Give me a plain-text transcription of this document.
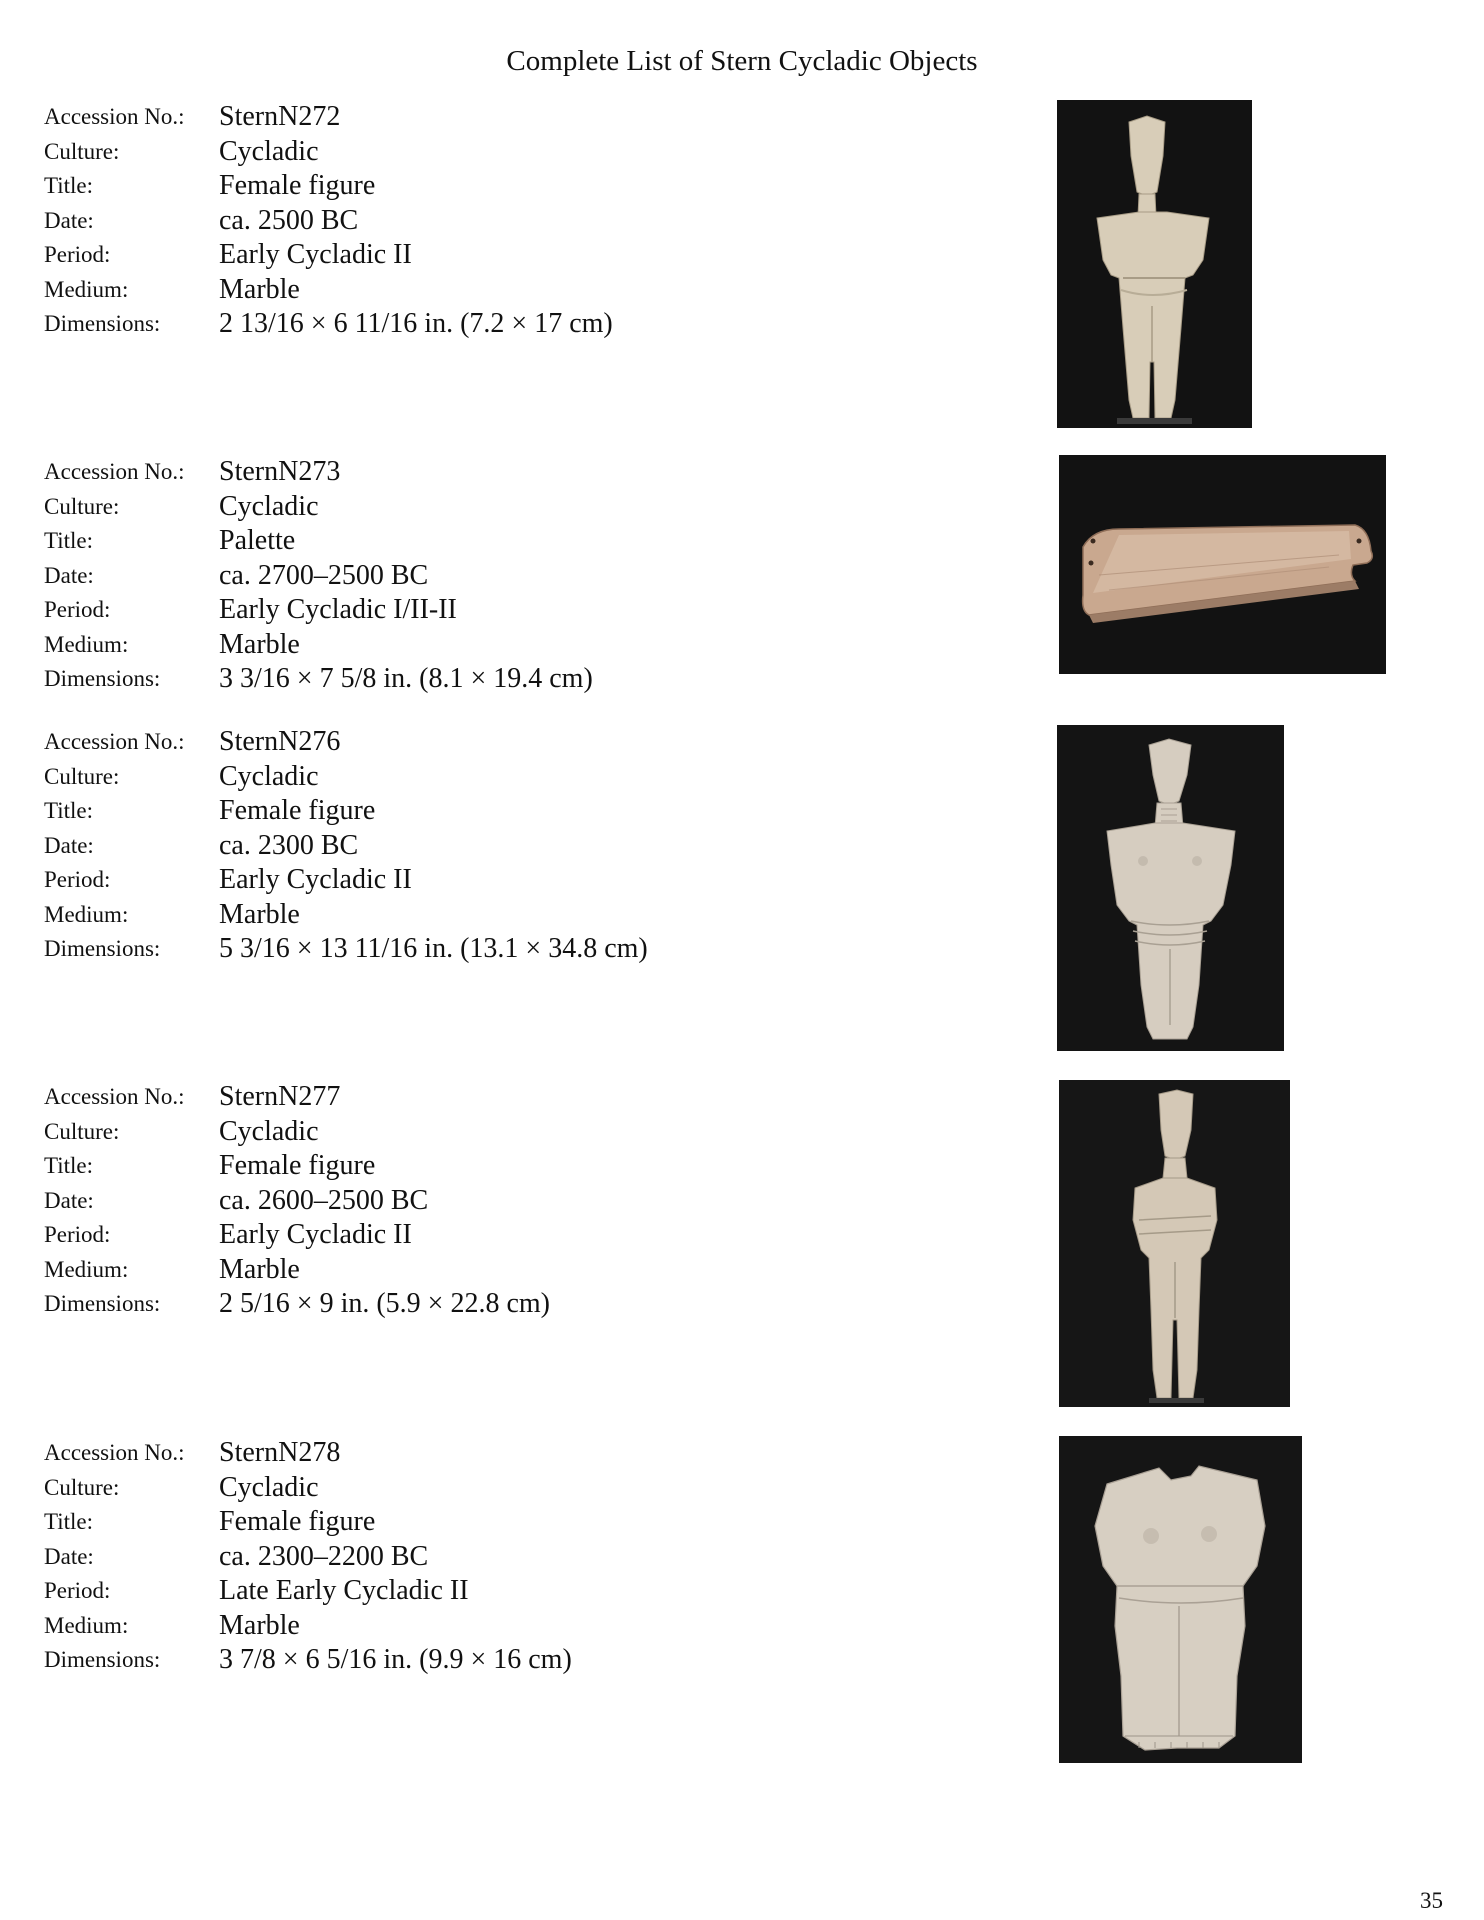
Complete List of Stern Cycladic Objects
Accession No.: SternN272
Culture:	Cycladic
Title:	Female figure
Date:	ca. 2500 BC
Period:	Early Cycladic II
Medium:	Marble
Dimensions: 2 13/16 × 6 11/16 in. (7.2 × 17 cm)
Accession No.: SternN273
Culture:	Cycladic
Title:	Palette
Date:	ca. 2700–2500 BC
Period:	Early Cycladic I/II-II
Medium:	Marble
Dimensions: 3 3/16 × 7 5/8 in. (8.1 × 19.4 cm)
Accession No.: SternN276
Culture:	Cycladic
Title:	Female figure
Date:	ca. 2300 BC
Period:	Early Cycladic II
Medium:	Marble
Dimensions: 5 3/16 × 13 11/16 in. (13.1 × 34.8 cm)
Accession No.: SternN277
Culture:	Cycladic
Title:	Female figure
Date:	ca. 2600–2500 BC
Period:	Early Cycladic II
Medium:	Marble
Dimensions: 2 5/16 × 9 in. (5.9 × 22.8 cm)
Accession No.: SternN278
Culture:	Cycladic
Title:	Female figure
Date:	ca. 2300–2200 BC
Period:	Late Early Cycladic II
Medium:	Marble
Dimensions: 3 7/8 × 6 5/16 in. (9.9 × 16 cm)
35
